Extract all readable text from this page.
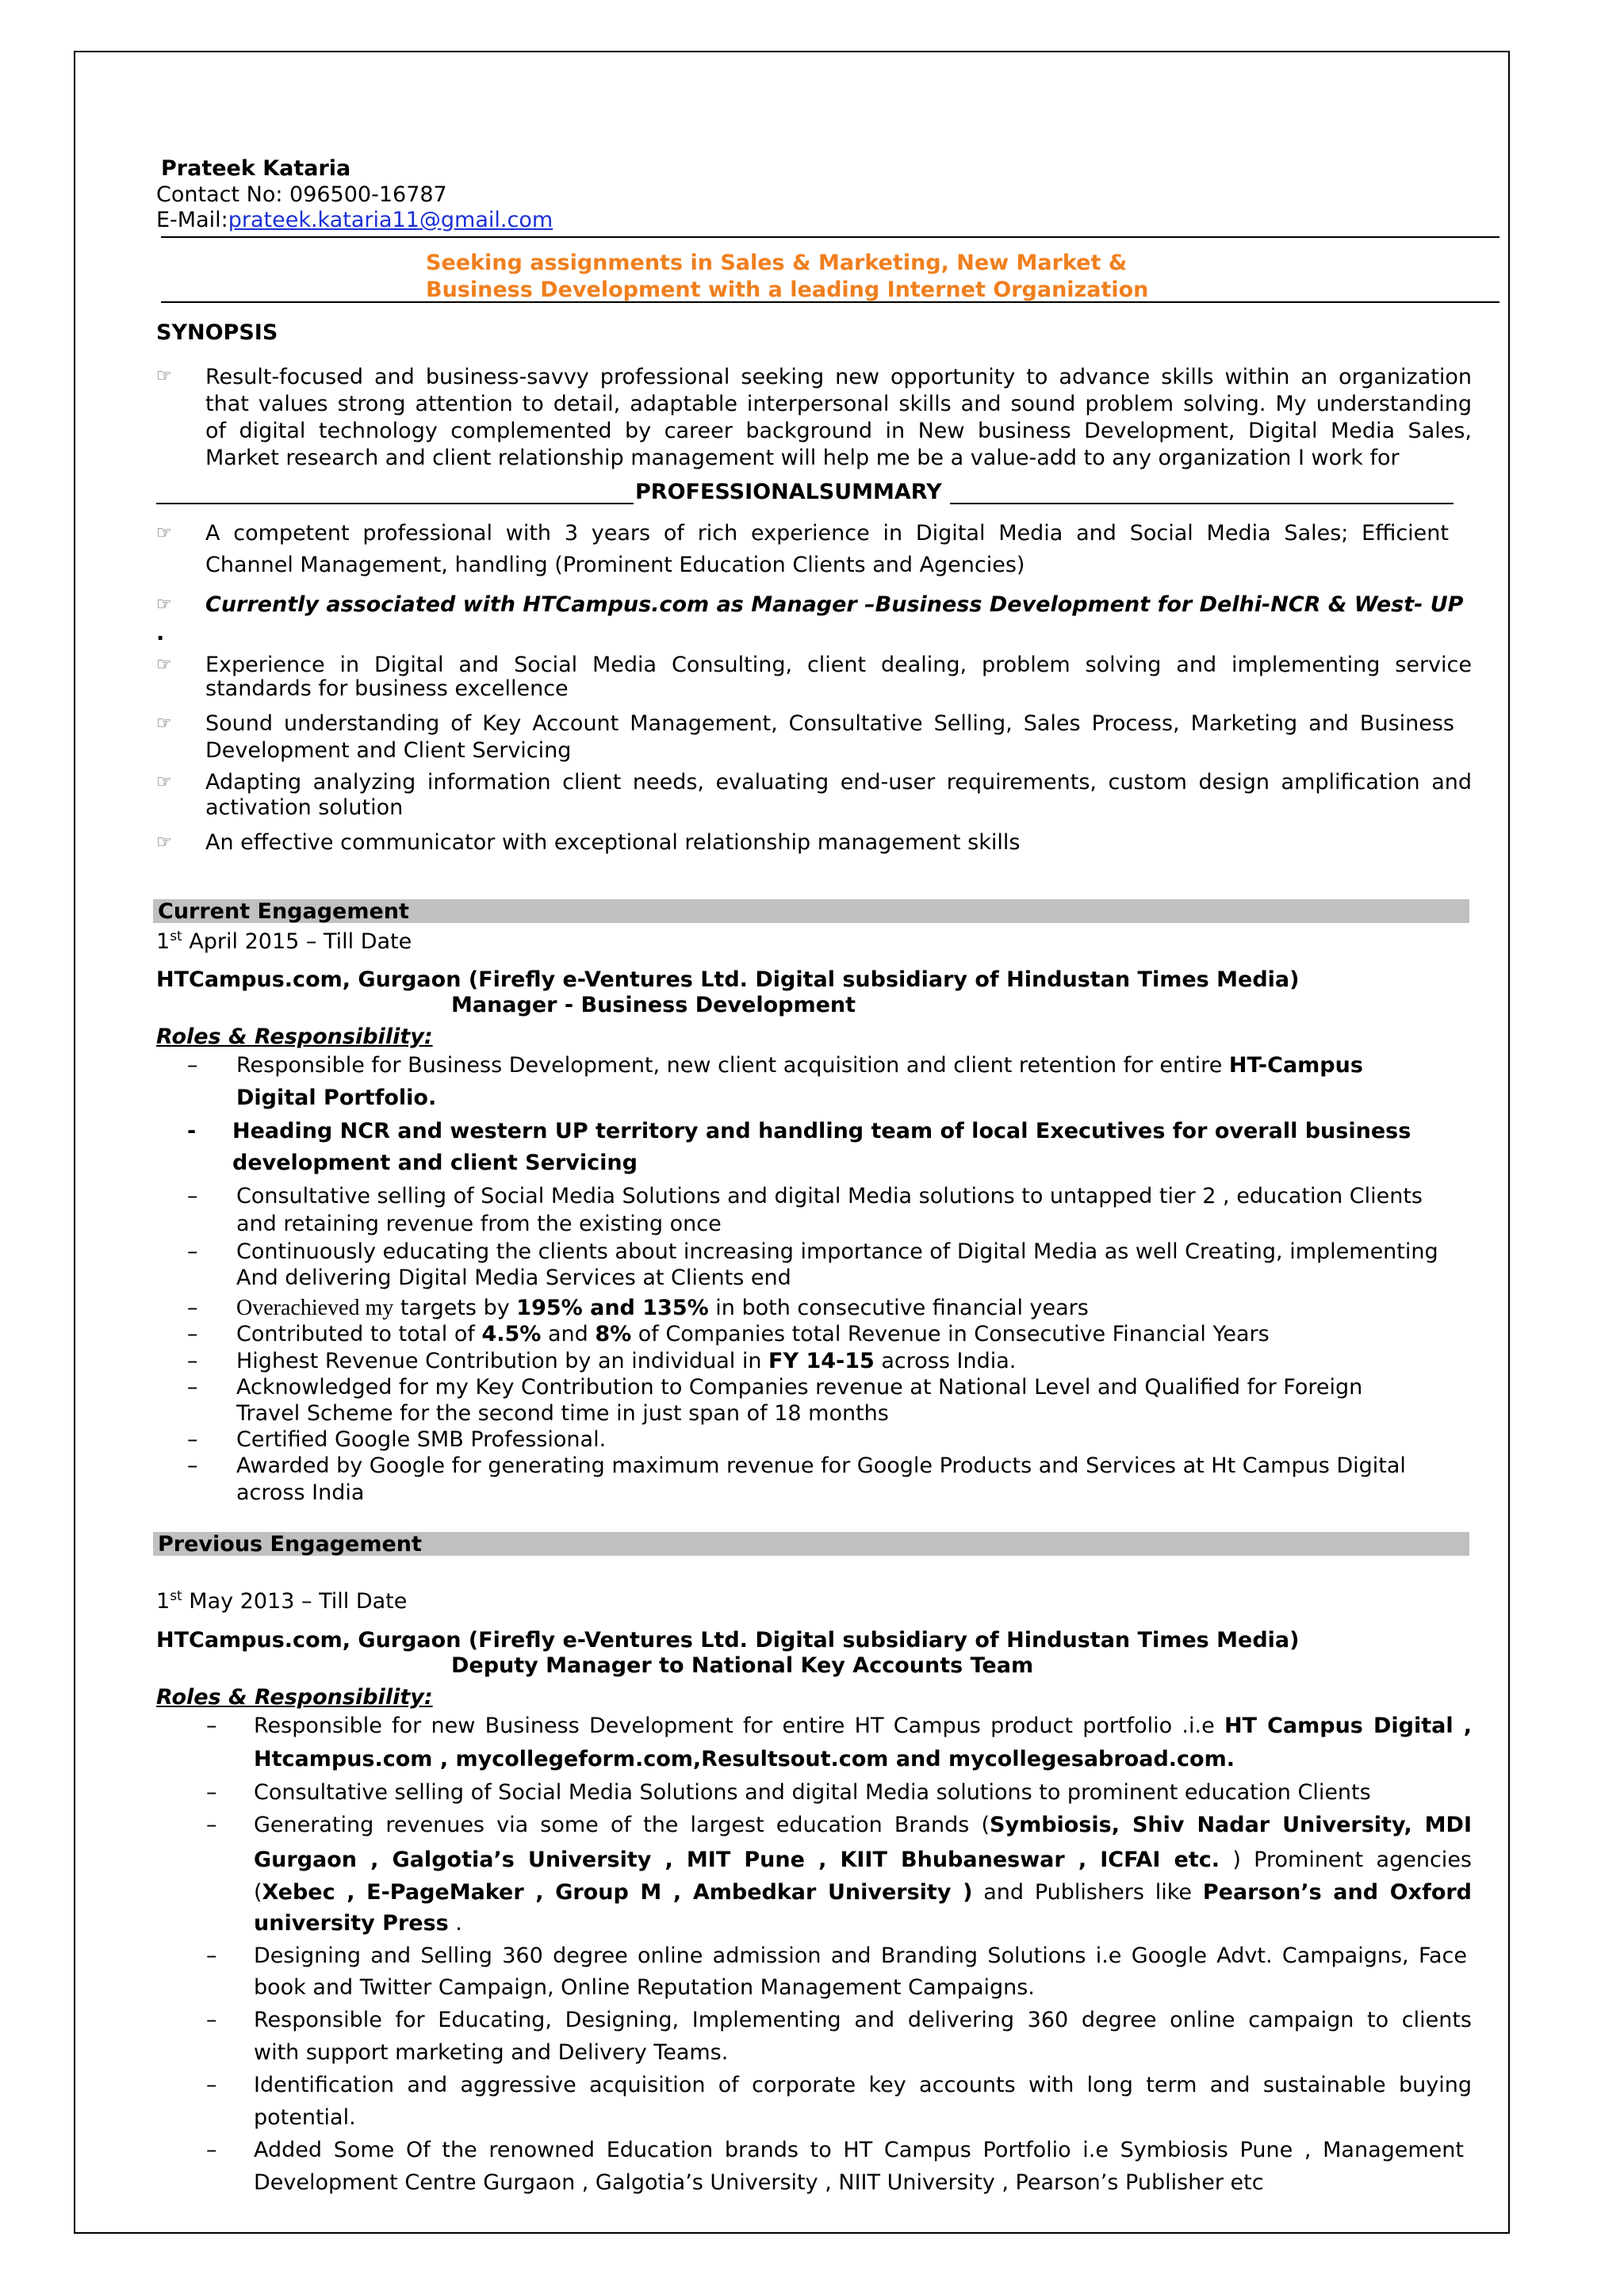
Prateek Kataria
Contact No: 096500-16787
E-Mail:prateek.kataria11@gmail.com
Seeking assignments in Sales & Marketing, New Market &
Business Development with a leading Internet Organization
SYNOPSIS
☞ Result-focused and business-savvy professional seeking new opportunity to advance skills within an organization
that values strong attention to detail, adaptable interpersonal skills and sound problem solving. My understanding
of digital technology complemented by career background in New business Development, Digital Media Sales,
Market research and client relationship management will help me be a value-add to any organization I work for
PROFESSIONALSUMMARY
☞ A competent professional with 3 years of rich experience in Digital Media and Social Media Sales; Efficient
Channel Management, handling (Prominent Education Clients and Agencies)
☞ Currently associated with HTCampus.com as Manager –Business Development for Delhi-NCR & West- UP
.
☞ Experience in Digital and Social Media Consulting, client dealing, problem solving and implementing service
standards for business excellence
☞ Sound understanding of Key Account Management, Consultative Selling, Sales Process, Marketing and Business
Development and Client Servicing
☞ Adapting analyzing information client needs, evaluating end-user requirements, custom design amplification and
activation solution
☞ An effective communicator with exceptional relationship management skills
Current Engagement
1st April 2015 – Till Date
HTCampus.com, Gurgaon (Firefly e-Ventures Ltd. Digital subsidiary of Hindustan Times Media)
Manager - Business Development
Roles & Responsibility:
– Responsible for Business Development, new client acquisition and client retention for entire HT-Campus
Digital Portfolio.
- Heading NCR and western UP territory and handling team of local Executives for overall business
development and client Servicing
– Consultative selling of Social Media Solutions and digital Media solutions to untapped tier 2 , education Clients
and retaining revenue from the existing once
– Continuously educating the clients about increasing importance of Digital Media as well Creating, implementing
And delivering Digital Media Services at Clients end
– Overachieved my targets by 195% and 135% in both consecutive financial years
– Contributed to total of 4.5% and 8% of Companies total Revenue in Consecutive Financial Years
– Highest Revenue Contribution by an individual in FY 14-15 across India.
– Acknowledged for my Key Contribution to Companies revenue at National Level and Qualified for Foreign
Travel Scheme for the second time in just span of 18 months
– Certified Google SMB Professional.
– Awarded by Google for generating maximum revenue for Google Products and Services at Ht Campus Digital
across India
Previous Engagement
1st May 2013 – Till Date
HTCampus.com, Gurgaon (Firefly e-Ventures Ltd. Digital subsidiary of Hindustan Times Media)
Deputy Manager to National Key Accounts Team
Roles & Responsibility:
– Responsible for new Business Development for entire HT Campus product portfolio .i.e HT Campus Digital ,
Htcampus.com , mycollegeform.com,Resultsout.com and mycollegesabroad.com.
– Consultative selling of Social Media Solutions and digital Media solutions to prominent education Clients
– Generating revenues via some of the largest education Brands (Symbiosis, Shiv Nadar University, MDI
Gurgaon , Galgotia’s University , MIT Pune , KIIT Bhubaneswar , ICFAI etc. ) Prominent agencies
(Xebec , E-PageMaker , Group M , Ambedkar University ) and Publishers like Pearson’s and Oxford
university Press .
– Designing and Selling 360 degree online admission and Branding Solutions i.e Google Advt. Campaigns, Face
book and Twitter Campaign, Online Reputation Management Campaigns.
– Responsible for Educating, Designing, Implementing and delivering 360 degree online campaign to clients
with support marketing and Delivery Teams.
– Identification and aggressive acquisition of corporate key accounts with long term and sustainable buying
potential.
– Added Some Of the renowned Education brands to HT Campus Portfolio i.e Symbiosis Pune , Management
Development Centre Gurgaon , Galgotia’s University , NIIT University , Pearson’s Publisher etc
